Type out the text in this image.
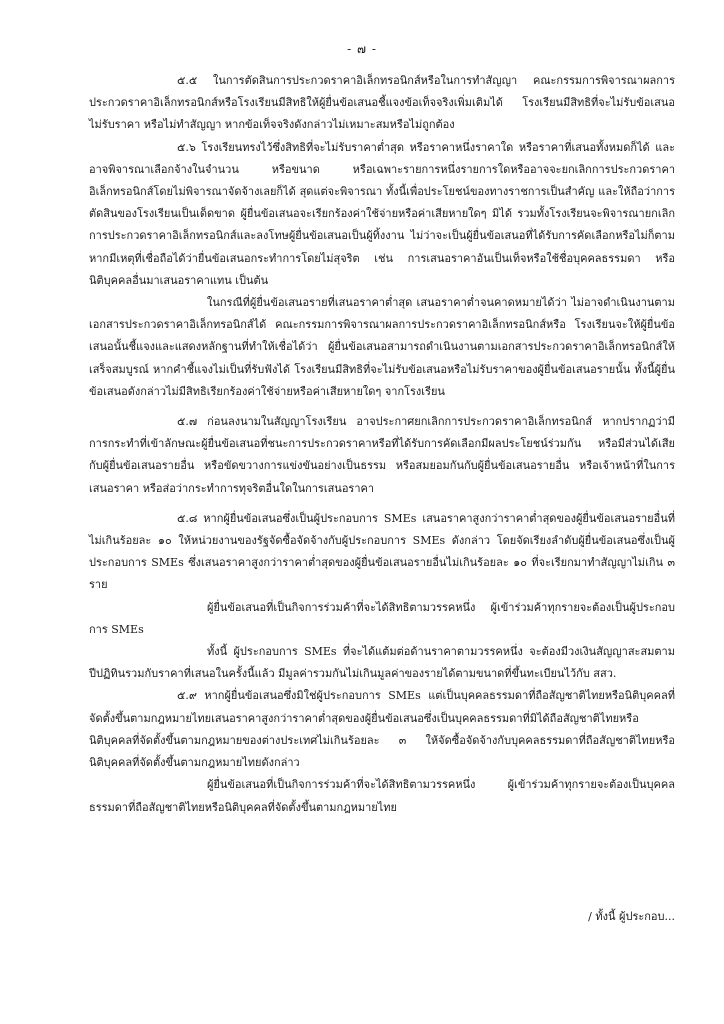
- ๗ -

๕.๕ ในการตัดสินการประกวดราคาอิเล็กทรอนิกส์หรือในการทำสัญญา คณะกรรมการพิจารณาผลการประกวดราคาอิเล็กทรอนิกส์หรือโรงเรียนมีสิทธิให้ผู้ยื่นข้อเสนอชี้แจงข้อเท็จจริงเพิ่มเติมได้ โรงเรียนมีสิทธิที่จะไม่รับข้อเสนอ ไม่รับราคา หรือไม่ทำสัญญา หากข้อเท็จจริงดังกล่าวไม่เหมาะสมหรือไม่ถูกต้อง

๕.๖ โรงเรียนทรงไว้ซึ่งสิทธิที่จะไม่รับราคาต่ำสุด หรือราคาหนึ่งราคาใด หรือราคาที่เสนอทั้งหมดก็ได้ และอาจพิจารณาเลือกจ้างในจำนวน หรือขนาด หรือเฉพาะรายการหนึ่งรายการใดหรืออาจจะยกเลิกการประกวดราคาอิเล็กทรอนิกส์โดยไม่พิจารณาจัดจ้างเลยก็ได้ สุดแต่จะพิจารณา ทั้งนี้เพื่อประโยชน์ของทางราชการเป็นสำคัญ และให้ถือว่าการตัดสินของโรงเรียนเป็นเด็ดขาด ผู้ยื่นข้อเสนอจะเรียกร้องค่าใช้จ่ายหรือค่าเสียหายใดๆ มิได้ รวมทั้งโรงเรียนจะพิจารณายกเลิกการประกวดราคาอิเล็กทรอนิกส์และลงโทษผู้ยื่นข้อเสนอเป็นผู้ทิ้งงาน ไม่ว่าจะเป็นผู้ยื่นข้อเสนอที่ได้รับการคัดเลือกหรือไม่ก็ตาม หากมีเหตุที่เชื่อถือได้ว่ายื่นข้อเสนอกระทำการโดยไม่สุจริต เช่น การเสนอราคาอันเป็นเท็จหรือใช้ชื่อบุคคลธรรมดา หรือนิติบุคคลอื่นมาเสนอราคาแทน เป็นต้น

ในกรณีที่ผู้ยื่นข้อเสนอรายที่เสนอราคาต่ำสุด เสนอราคาต่ำจนคาดหมายได้ว่า ไม่อาจดำเนินงานตามเอกสารประกวดราคาอิเล็กทรอนิกส์ได้ คณะกรรมการพิจารณาผลการประกวดราคาอิเล็กทรอนิกส์หรือ โรงเรียนจะให้ผู้ยื่นข้อเสนอนั้นชี้แจงและแสดงหลักฐานที่ทำให้เชื่อได้ว่า ผู้ยื่นข้อเสนอสามารถดำเนินงานตามเอกสารประกวดราคาอิเล็กทรอนิกส์ให้เสร็จสมบูรณ์ หากคำชี้แจงไม่เป็นที่รับฟังได้ โรงเรียนมีสิทธิที่จะไม่รับข้อเสนอหรือไม่รับราคาของผู้ยื่นข้อเสนอรายนั้น ทั้งนี้ผู้ยื่นข้อเสนอดังกล่าวไม่มีสิทธิเรียกร้องค่าใช้จ่ายหรือค่าเสียหายใดๆ จากโรงเรียน

๕.๗ ก่อนลงนามในสัญญาโรงเรียน อาจประกาศยกเลิกการประกวดราคาอิเล็กทรอนิกส์ หากปรากฏว่ามีการกระทำที่เข้าลักษณะผู้ยื่นข้อเสนอที่ชนะการประกวดราคาหรือที่ได้รับการคัดเลือกมีผลประโยชน์ร่วมกัน หรือมีส่วนได้เสียกับผู้ยื่นข้อเสนอรายอื่น หรือขัดขวางการแข่งขันอย่างเป็นธรรม หรือสมยอมกันกับผู้ยื่นข้อเสนอรายอื่น หรือเจ้าหน้าที่ในการเสนอราคา หรือส่อว่ากระทำการทุจริตอื่นใดในการเสนอราคา

๕.๘ หากผู้ยื่นข้อเสนอซึ่งเป็นผู้ประกอบการ SMEs เสนอราคาสูงกว่าราคาต่ำสุดของผู้ยื่นข้อเสนอรายอื่นที่ไม่เกินร้อยละ ๑๐ ให้หน่วยงานของรัฐจัดซื้อจัดจ้างกับผู้ประกอบการ SMEs ดังกล่าว โดยจัดเรียงลำดับผู้ยื่นข้อเสนอซึ่งเป็นผู้ประกอบการ SMEs ซึ่งเสนอราคาสูงกว่าราคาต่ำสุดของผู้ยื่นข้อเสนอรายอื่นไม่เกินร้อยละ ๑๐ ที่จะเรียกมาทำสัญญาไม่เกิน ๓ ราย

ผู้ยื่นข้อเสนอที่เป็นกิจการร่วมค้าที่จะได้สิทธิตามวรรคหนึ่ง ผู้เข้าร่วมค้าทุกรายจะต้องเป็นผู้ประกอบการ SMEs

ทั้งนี้ ผู้ประกอบการ SMEs ที่จะได้แต้มต่อด้านราคาตามวรรคหนึ่ง จะต้องมีวงเงินสัญญาสะสมตามปีปฏิทินรวมกับราคาที่เสนอในครั้งนี้แล้ว มีมูลค่ารวมกันไม่เกินมูลค่าของรายได้ตามขนาดที่ขึ้นทะเบียนไว้กับ สสว.

๕.๙ หากผู้ยื่นข้อเสนอซึ่งมิใช่ผู้ประกอบการ SMEs แต่เป็นบุคคลธรรมดาที่ถือสัญชาติไทยหรือนิติบุคคลที่จัดตั้งขึ้นตามกฎหมายไทยเสนอราคาสูงกว่าราคาต่ำสุดของผู้ยื่นข้อเสนอซึ่งเป็นบุคคลธรรมดาที่มิได้ถือสัญชาติไทยหรือนิติบุคคลที่จัดตั้งขึ้นตามกฎหมายของต่างประเทศไม่เกินร้อยละ ๓ ให้จัดซื้อจัดจ้างกับบุคคลธรรมดาที่ถือสัญชาติไทยหรือนิติบุคคลที่จัดตั้งขึ้นตามกฎหมายไทยดังกล่าว

ผู้ยื่นข้อเสนอที่เป็นกิจการร่วมค้าที่จะได้สิทธิตามวรรคหนึ่ง ผู้เข้าร่วมค้าทุกรายจะต้องเป็นบุคคลธรรมดาที่ถือสัญชาติไทยหรือนิติบุคคลที่จัดตั้งขึ้นตามกฎหมายไทย

/ ทั้งนี้ ผู้ประกอบ...
